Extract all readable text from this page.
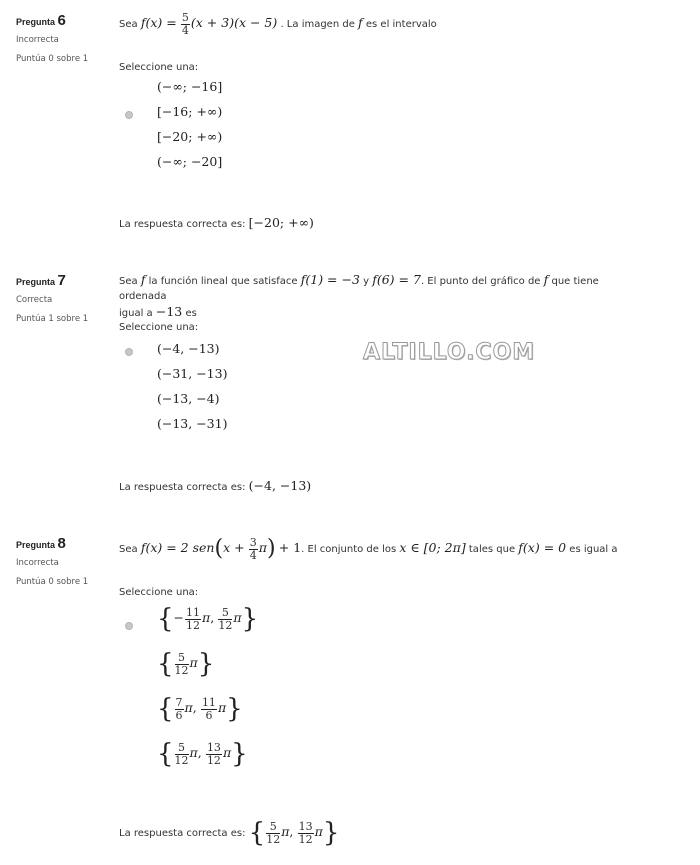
Pregunta 6
Incorrecta
Puntúa 0 sobre 1
Sea $f(x) = \frac{5}{4} (x + 3)(x - 5)$ . La imagen de f es el intervalo
Seleccione una:
(−∞; −16]
[−16; +∞)
[−20; +∞)
(−∞; −20]
La respuesta correcta es: [−20; +∞)
Pregunta 7
Correcta
Puntúa 1 sobre 1
Sea f la función lineal que satisface f(1) = −3 y f(6) = 7. El punto del gráfico de f que tiene ordenada
igual a −13 es
Seleccione una:
(−4, −13)
(−31, −13)
(−13, −4)
(−13, −31)
La respuesta correcta es: (−4, −13)
ALTILLO.COM
Pregunta 8
Incorrecta
Puntúa 0 sobre 1
Sea f(x) = 2 $sen(x + \frac{3}{4} \pi) + 1$. El conjunto de los x ∈ [0; 2π] tales que f(x) = 0 es igual a
Seleccione una:
{− $\frac{11}{12} \pi$, $\frac{5}{12} \pi$}
{ $\frac{5}{12} \pi$}
{ $\frac{7}{6} \pi$, $\frac{11}{6} \pi$}
{ $\frac{5}{12} \pi$, $\frac{13}{12} \pi$}
La respuesta correcta es: { $\frac{5}{12} \pi$, $\frac{13}{12} \pi$}
